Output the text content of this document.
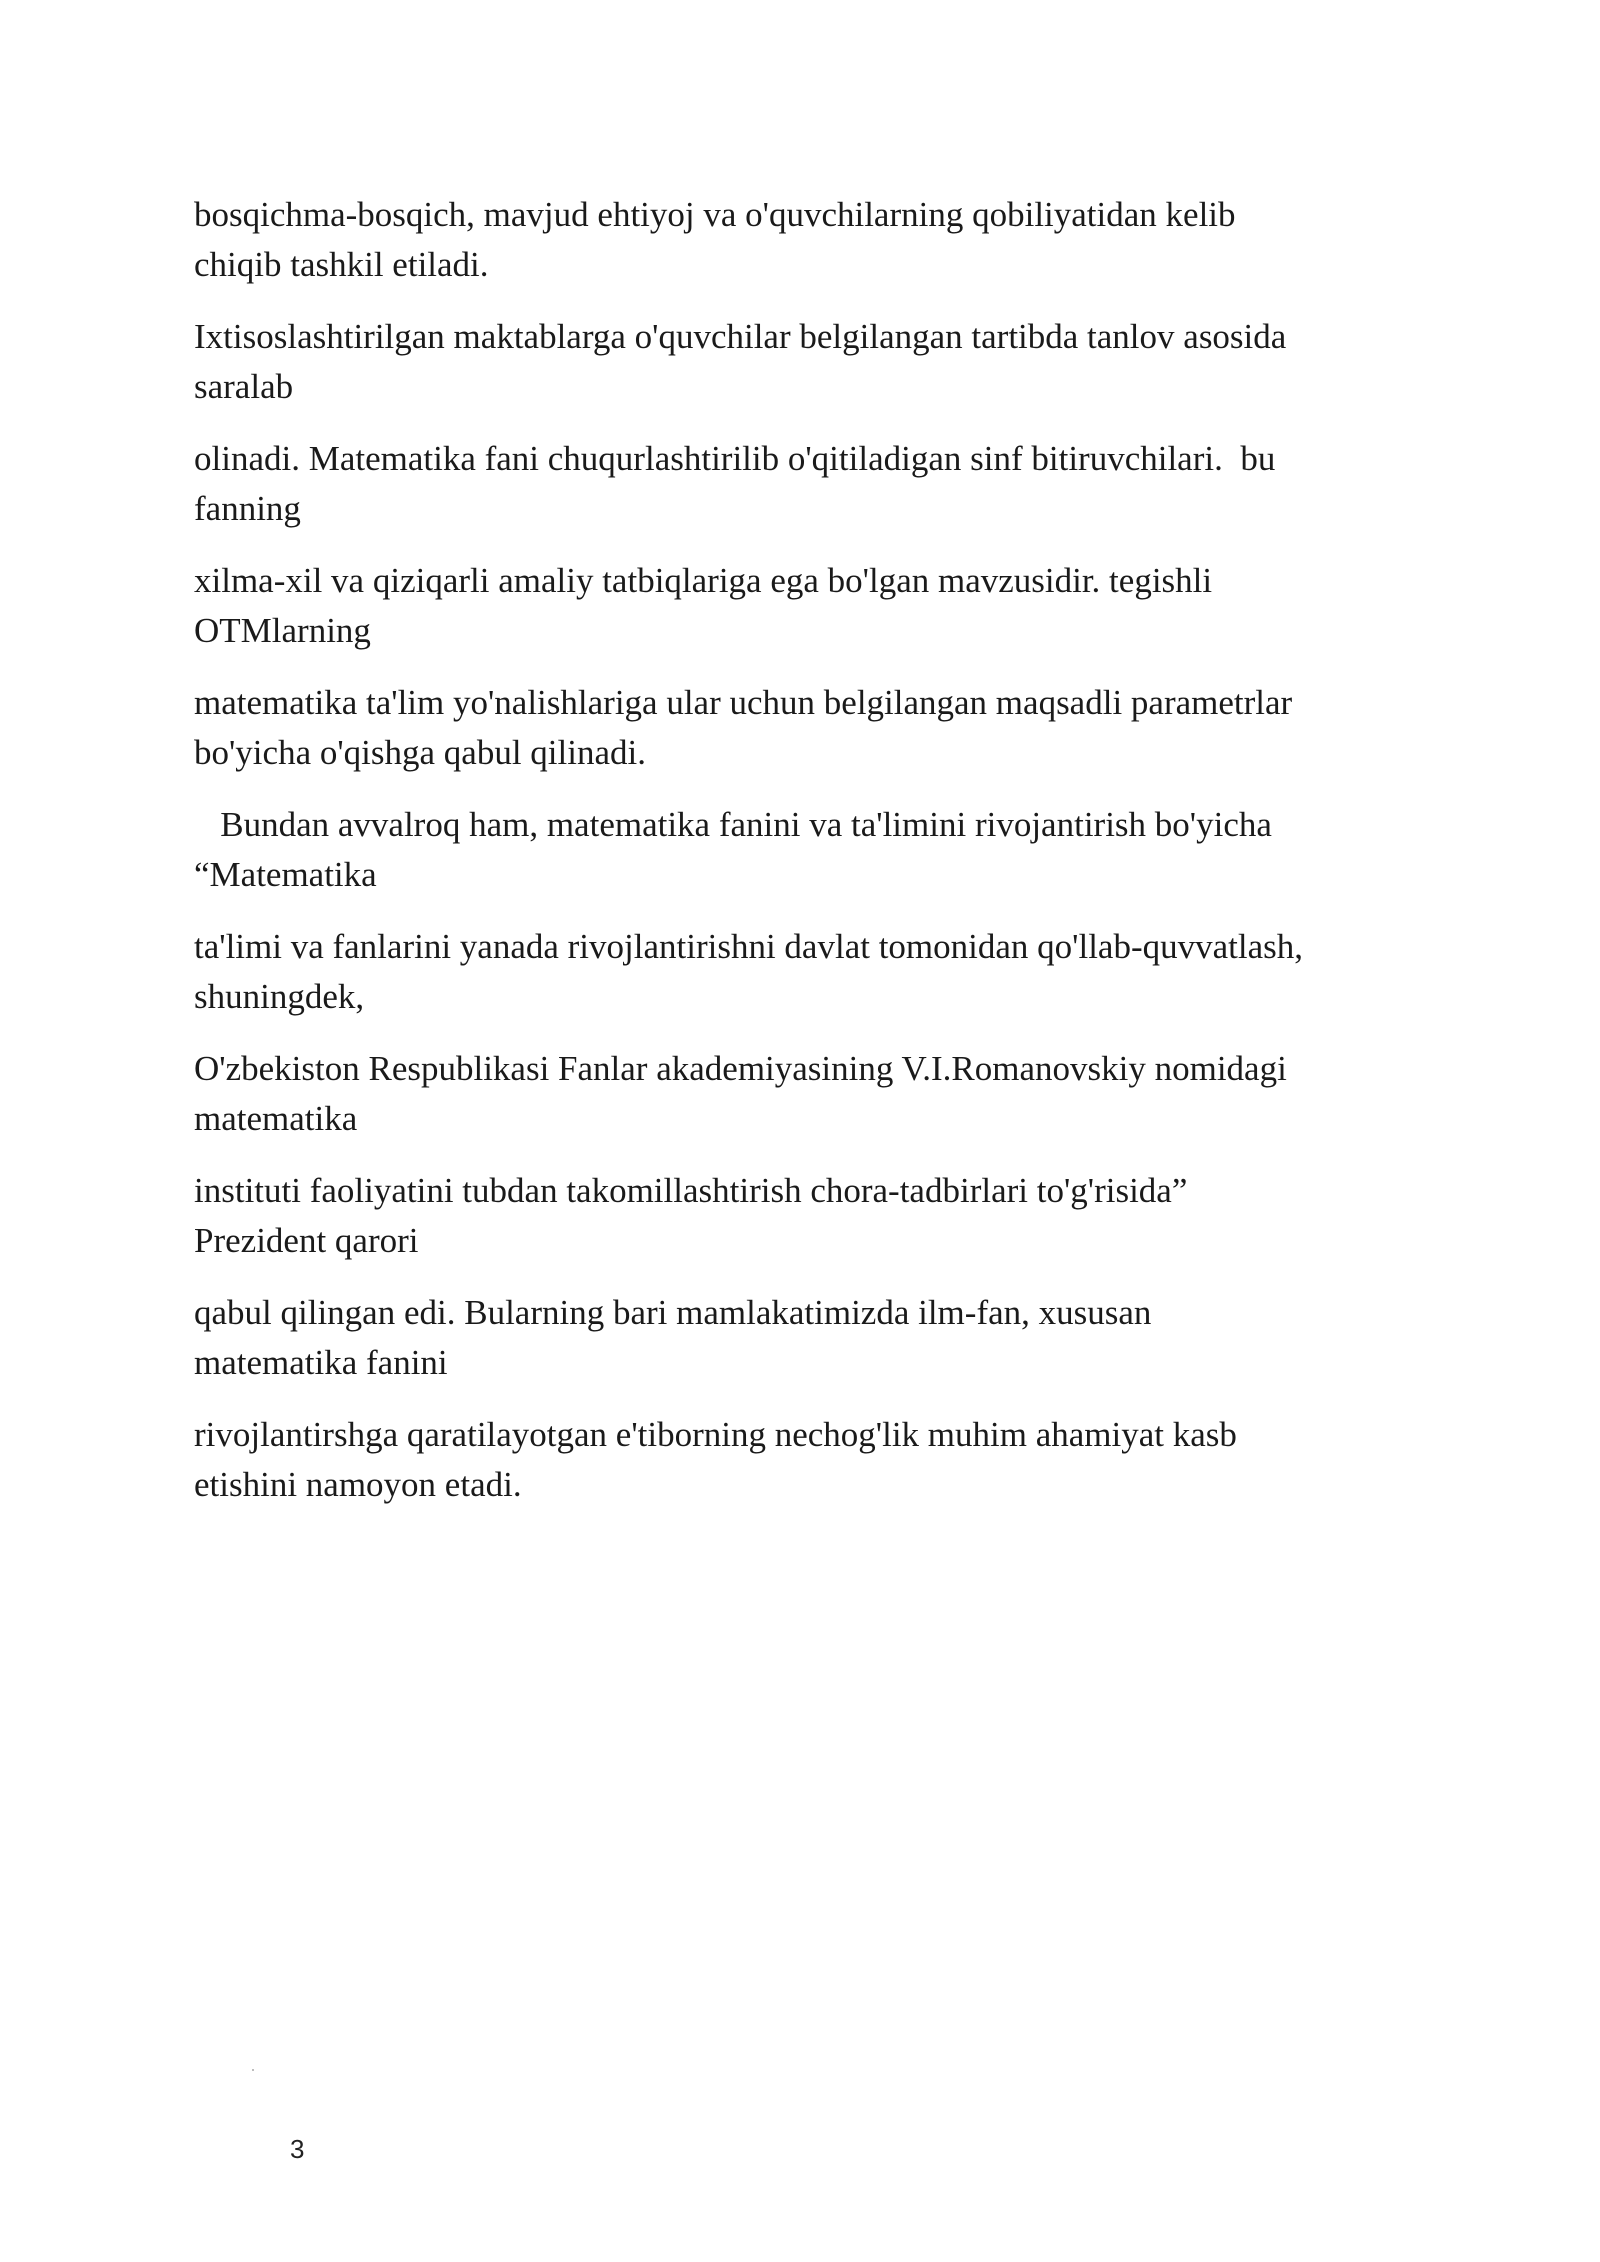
bosqichma-bosqich, mavjud ehtiyoj va o'quvchilarning qobiliyatidan kelib
chiqib tashkil etiladi.

Ixtisoslashtirilgan maktablarga o'quvchilar belgilangan tartibda tanlov asosida
saralab

olinadi. Matematika fani chuqurlashtirilib o'qitiladigan sinf bitiruvchilari.  bu
fanning

xilma-xil va qiziqarli amaliy tatbiqlariga ega bo'lgan mavzusidir. tegishli
OTMlarning

matematika ta'lim yo'nalishlariga ular uchun belgilangan maqsadli parametrlar
bo'yicha o'qishga qabul qilinadi.

Bundan avvalroq ham, matematika fanini va ta'limini rivojantirish bo'yicha
“Matematika

ta'limi va fanlarini yanada rivojlantirishni davlat tomonidan qo'llab-quvvatlash,
shuningdek,

O'zbekiston Respublikasi Fanlar akademiyasining V.I.Romanovskiy nomidagi
matematika

instituti faoliyatini tubdan takomillashtirish chora-tadbirlari to'g'risida”
Prezident qarori

qabul qilingan edi. Bularning bari mamlakatimizda ilm-fan, xususan
matematika fanini

rivojlantirshga qaratilayotgan e'tiborning nechog'lik muhim ahamiyat kasb
etishini namoyon etadi.

3
